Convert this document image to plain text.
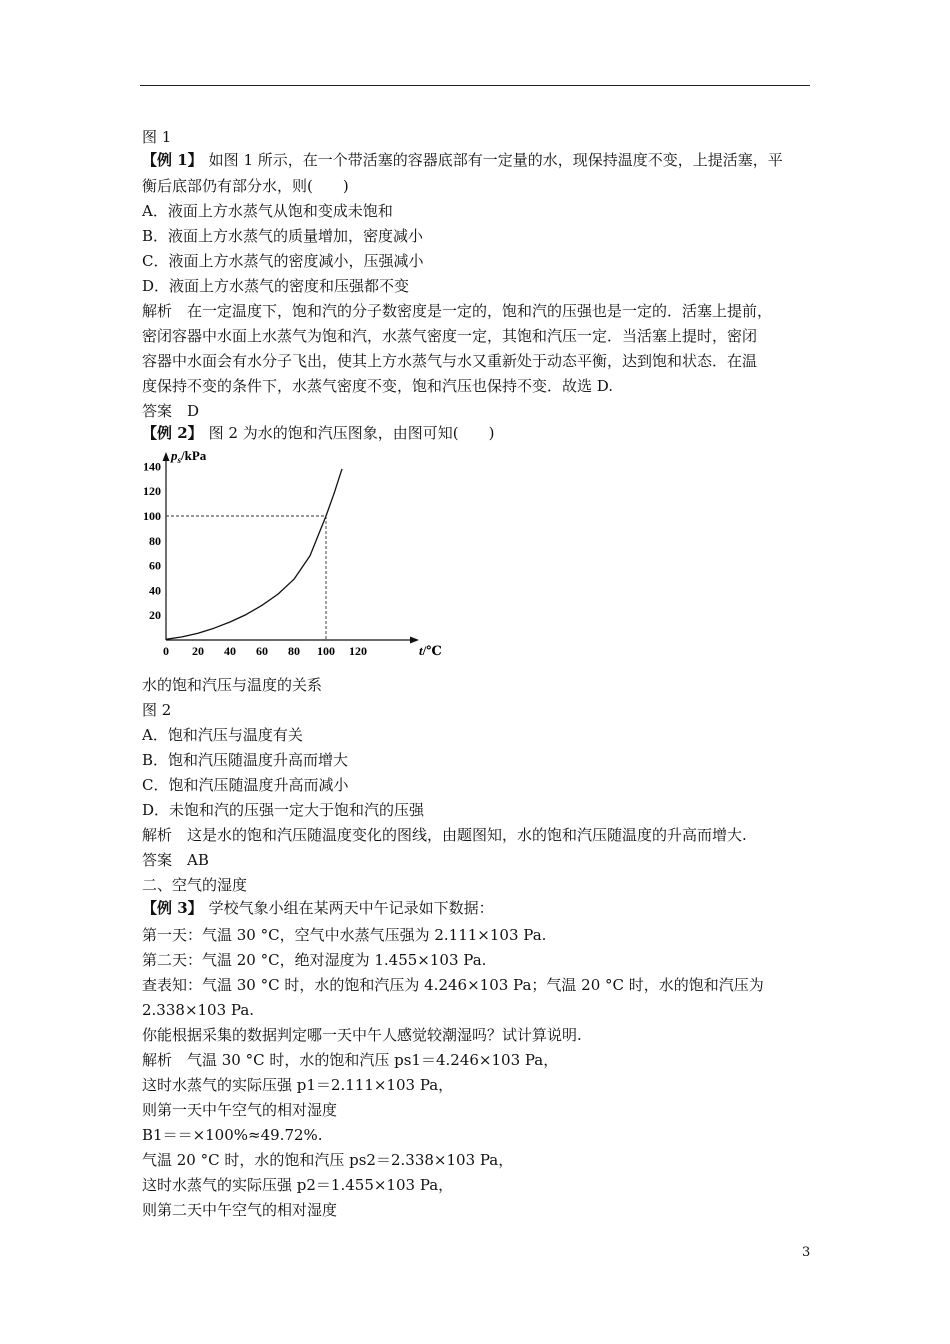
图 1
【例 1】 如图 1 所示，在一个带活塞的容器底部有一定量的水，现保持温度不变，上提活塞，平
衡后底部仍有部分水，则(　　)
A．液面上方水蒸气从饱和变成未饱和
B．液面上方水蒸气的质量增加，密度减小
C．液面上方水蒸气的密度减小，压强减小
D．液面上方水蒸气的密度和压强都不变
解析　在一定温度下，饱和汽的分子数密度是一定的，饱和汽的压强也是一定的．活塞上提前，
密闭容器中水面上水蒸气为饱和汽，水蒸气密度一定，其饱和汽压一定．当活塞上提时，密闭
容器中水面会有水分子飞出，使其上方水蒸气与水又重新处于动态平衡，达到饱和状态．在温
度保持不变的条件下，水蒸气密度不变，饱和汽压也保持不变．故选 D.
答案　D
【例 2】 图 2 为水的饱和汽压图象，由图可知(　　)
20
40
60
80
100
120
140
0 20 40 60 80 100 120
$p_s$/kPa
t/℃
水的饱和汽压与温度的关系
图 2
A．饱和汽压与温度有关
B．饱和汽压随温度升高而增大
C．饱和汽压随温度升高而减小
D．未饱和汽的压强一定大于饱和汽的压强
解析　这是水的饱和汽压随温度变化的图线，由题图知，水的饱和汽压随温度的升高而增大.
答案　AB
二、空气的湿度
【例 3】 学校气象小组在某两天中午记录如下数据：
第一天：气温 30 °C，空气中水蒸气压强为 2.111×103 Pa.
第二天：气温 20 °C，绝对湿度为 1.455×103 Pa.
查表知：气温 30 °C 时，水的饱和汽压为 4.246×103 Pa；气温 20 °C 时，水的饱和汽压为
2.338×103 Pa.
你能根据采集的数据判定哪一天中午人感觉较潮湿吗？试计算说明.
解析　气温 30 °C 时，水的饱和汽压 ps1＝4.246×103 Pa，
这时水蒸气的实际压强 p1＝2.111×103 Pa，
则第一天中午空气的相对湿度
B1＝＝×100%≈49.72%.
气温 20 °C 时，水的饱和汽压 ps2＝2.338×103 Pa，
这时水蒸气的实际压强 p2＝1.455×103 Pa，
则第二天中午空气的相对湿度
3
